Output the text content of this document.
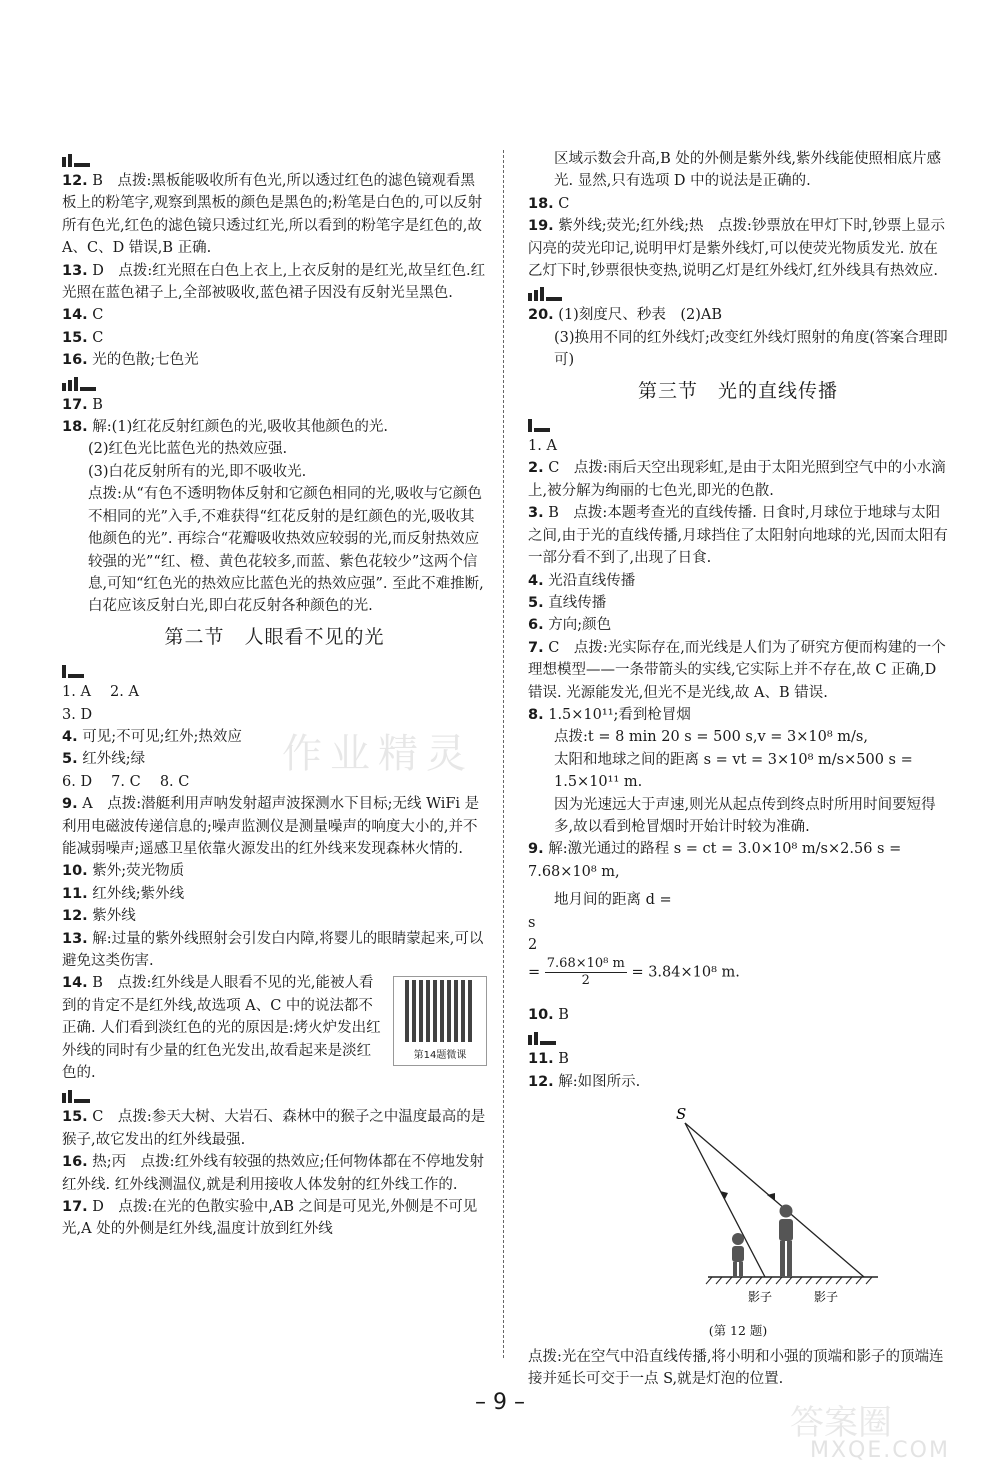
12. B　点拨:黑板能吸收所有色光,所以透过红色的滤色镜观看黑板上的粉笔字,观察到黑板的颜色是黑色的;粉笔是白色的,可以反射所有色光,红色的滤色镜只透过红光,所以看到的粉笔字是红色的,故 A、C、D 错误,B 正确.

13. D　点拨:红光照在白色上衣上,上衣反射的是红光,故呈红色.红光照在蓝色裙子上,全部被吸收,蓝色裙子因没有反射光呈黑色.

14. C

15. C

16. 光的色散;七色光

17. B

18. 解:(1)红花反射红颜色的光,吸收其他颜色的光.

(2)红色光比蓝色光的热效应强.

(3)白花反射所有的光,即不吸收光.

点拨:从“有色不透明物体反射和它颜色相同的光,吸收与它颜色不相同的光”入手,不难获得“红花反射的是红颜色的光,吸收其他颜色的光”. 再综合“花瓣吸收热效应较弱的光,而反射热效应较强的光”“红、橙、黄色花较多,而蓝、紫色花较少”这两个信息,可知“红色光的热效应比蓝色光的热效应强”. 至此不难推断,白花应该反射白光,即白花反射各种颜色的光.

第二节　人眼看不见的光

1. A　 2. A

3. D

4. 可见;不可见;红外;热效应

5. 红外线;绿

6. D　 7. C　 8. C

9. A　点拨:潜艇利用声呐发射超声波探测水下目标;无线 WiFi 是利用电磁波传递信息的;噪声监测仪是测量噪声的响度大小的,并不能减弱噪声;遥感卫星依靠火源发出的红外线来发现森林火情的.

10. 紫外;荧光物质

11. 红外线;紫外线

12. 紫外线

13. 解:过量的紫外线照射会引发白内障,将婴儿的眼睛蒙起来,可以避免这类伤害.

第14题微课

14. B　点拨:红外线是人眼看不见的光,能被人看到的肯定不是红外线,故选项 A、C 中的说法都不正确. 人们看到淡红色的光的原因是:烤火炉发出红外线的同时有少量的红色光发出,故看起来是淡红色的.

15. C　点拨:参天大树、大岩石、森林中的猴子之中温度最高的是猴子,故它发出的红外线最强.

16. 热;丙　点拨:红外线有较强的热效应;任何物体都在不停地发射红外线. 红外线测温仪,就是利用接收人体发射的红外线工作的.

17. D　点拨:在光的色散实验中,AB 之间是可见光,外侧是不可见光,A 处的外侧是红外线,温度计放到红外线

区域示数会升高,B 处的外侧是紫外线,紫外线能使照相底片感光. 显然,只有选项 D 中的说法是正确的.

18. C

19. 紫外线;荧光;红外线;热　点拨:钞票放在甲灯下时,钞票上显示闪亮的荧光印记,说明甲灯是紫外线灯,可以使荧光物质发光. 放在乙灯下时,钞票很快变热,说明乙灯是红外线灯,红外线具有热效应.

20. (1)刻度尺、秒表　(2)AB

(3)换用不同的红外线灯;改变红外线灯照射的角度(答案合理即可)

第三节　光的直线传播

1. A

2. C　点拨:雨后天空出现彩虹,是由于太阳光照到空气中的小水滴上,被分解为绚丽的七色光,即光的色散.

3. B　点拨:本题考查光的直线传播. 日食时,月球位于地球与太阳之间,由于光的直线传播,月球挡住了太阳射向地球的光,因而太阳有一部分看不到了,出现了日食.

4. 光沿直线传播

5. 直线传播

6. 方向;颜色

7. C　点拨:光实际存在,而光线是人们为了研究方便而构建的一个理想模型——一条带箭头的实线,它实际上并不存在,故 C 正确,D 错误. 光源能发光,但光不是光线,故 A、B 错误.

8. 1.5×10¹¹;看到枪冒烟

点拨:t = 8 min 20 s = 500 s,v = 3×10⁸ m/s,

太阳和地球之间的距离 s = vt = 3×10⁸ m/s×500 s = 1.5×10¹¹ m.

因为光速远大于声速,则光从起点传到终点时所用时间要短得多,故以看到枪冒烟时开始计时较为准确.

9. 解:激光通过的路程 s = ct = 3.0×10⁸ m/s×2.56 s = 7.68×10⁸ m,

地月间的距离 d =

s
2
= $\frac{\text{7.68×10⁸ m}}{2} = 3.84\times 10^8$ m.

10. B

11. B

12. 解:如图所示.

S
影子	影子
(第 12 题)

点拨:光在空气中沿直线传播,将小明和小强的顶端和影子的顶端连接并延长可交于一点 S,就是灯泡的位置.

– 9 –
作业精灵
答案圈
MXQE.COM
